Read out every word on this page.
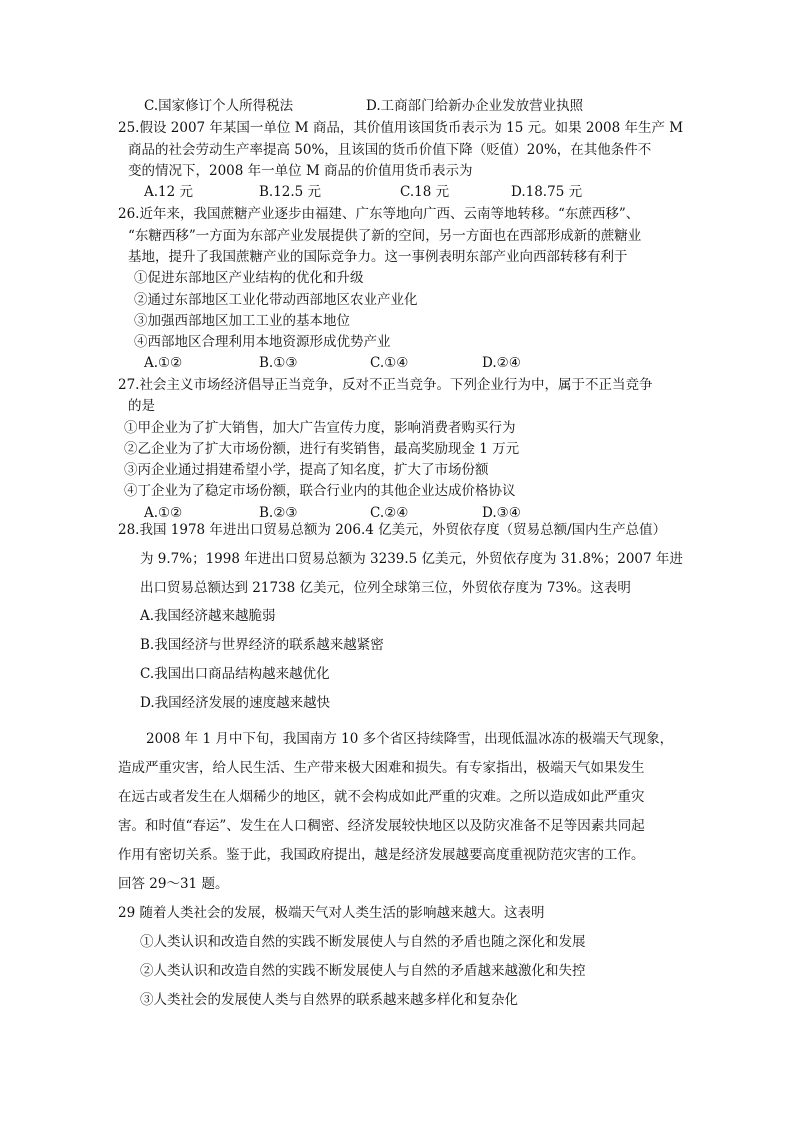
C.国家修订个人所得税法	D.工商部门给新办企业发放营业执照
25.假设 2007 年某国一单位 M 商品，其价值用该国货币表示为 15 元。如果 2008 年生产 M
商品的社会劳动生产率提高 50%，且该国的货币价值下降（贬值）20%，在其他条件不
变的情况下，2008 年一单位 M 商品的价值用货币表示为
A.12 元	B.12.5 元	C.18 元	D.18.75 元
26.近年来，我国蔗糖产业逐步由福建、广东等地向广西、云南等地转移。“东蔗西移”、
“东糖西移”一方面为东部产业发展提供了新的空间，另一方面也在西部形成新的蔗糖业
基地，提升了我国蔗糖产业的国际竞争力。这一事例表明东部产业向西部转移有利于
①促进东部地区产业结构的优化和升级
②通过东部地区工业化带动西部地区农业产业化
③加强西部地区加工工业的基本地位
④西部地区合理利用本地资源形成优势产业
A.①②	B.①③	C.①④	D.②④
27.社会主义市场经济倡导正当竞争，反对不正当竞争。下列企业行为中，属于不正当竞争
的是
①甲企业为了扩大销售，加大广告宣传力度，影响消费者购买行为
②乙企业为了扩大市场份额，进行有奖销售，最高奖励现金 1 万元
③丙企业通过捐建希望小学，提高了知名度，扩大了市场份额
④丁企业为了稳定市场份额，联合行业内的其他企业达成价格协议
A.①②	B.②③	C.②④	D.③④
28.我国 1978 年进出口贸易总额为 206.4 亿美元，外贸依存度（贸易总额/国内生产总值）
为 9.7%；1998 年进出口贸易总额为 3239.5 亿美元，外贸依存度为 31.8%；2007 年进
出口贸易总额达到 21738 亿美元，位列全球第三位，外贸依存度为 73%。这表明
A.我国经济越来越脆弱
B.我国经济与世界经济的联系越来越紧密
C.我国出口商品结构越来越优化
D.我国经济发展的速度越来越快
2008 年 1 月中下旬，我国南方 10 多个省区持续降雪，出现低温冰冻的极端天气现象，
造成严重灾害，给人民生活、生产带来极大困难和损失。有专家指出，极端天气如果发生
在远古或者发生在人烟稀少的地区，就不会构成如此严重的灾难。之所以造成如此严重灾
害。和时值“春运”、发生在人口稠密、经济发展较快地区以及防灾准备不足等因素共同起
作用有密切关系。鉴于此，我国政府提出，越是经济发展越要高度重视防范灾害的工作。
回答 29～31 题。
29 随着人类社会的发展，极端天气对人类生活的影响越来越大。这表明
①人类认识和改造自然的实践不断发展使人与自然的矛盾也随之深化和发展
②人类认识和改造自然的实践不断发展使人与自然的矛盾越来越激化和失控
③人类社会的发展使人类与自然界的联系越来越多样化和复杂化
